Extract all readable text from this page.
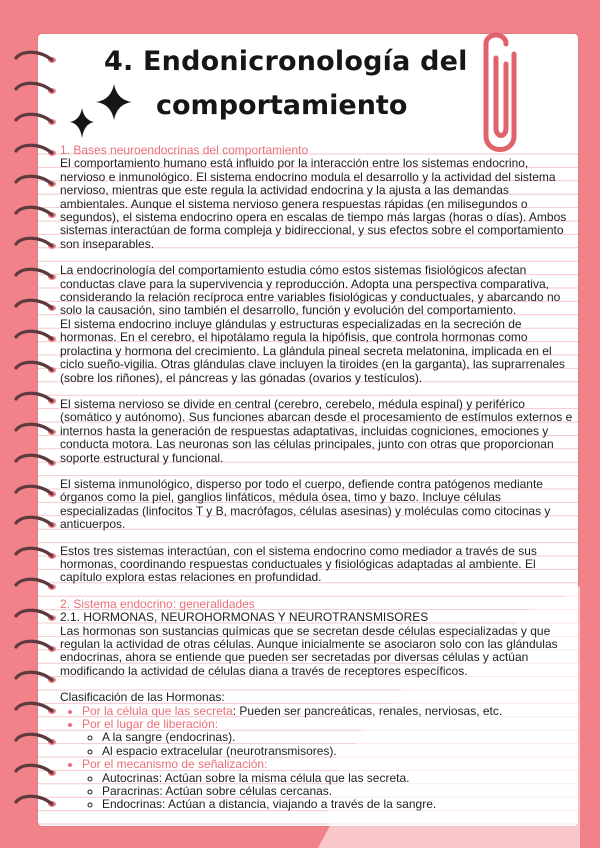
4. Endonicronología del
comportamiento

1. Bases neuroendocrinas del comportamiento
El comportamiento humano está influido por la interacción entre los sistemas endocrino, nervioso e inmunológico. El sistema endocrino modula el desarrollo y la actividad del sistema nervioso, mientras que este regula la actividad endocrina y la ajusta a las demandas ambientales. Aunque el sistema nervioso genera respuestas rápidas (en milisegundos o segundos), el sistema endocrino opera en escalas de tiempo más largas (horas o días). Ambos sistemas interactúan de forma compleja y bidireccional, y sus efectos sobre el comportamiento son inseparables.

La endocrinología del comportamiento estudia cómo estos sistemas fisiológicos afectan conductas clave para la supervivencia y reproducción. Adopta una perspectiva comparativa, considerando la relación recíproca entre variables fisiológicas y conductuales, y abarcando no solo la causación, sino también el desarrollo, función y evolución del comportamiento.
El sistema endocrino incluye glándulas y estructuras especializadas en la secreción de hormonas. En el cerebro, el hipotálamo regula la hipófisis, que controla hormonas como prolactina y hormona del crecimiento. La glándula pineal secreta melatonina, implicada en el ciclo sueño-vigilia. Otras glándulas clave incluyen la tiroides (en la garganta), las suprarrenales (sobre los riñones), el páncreas y las gónadas (ovarios y testículos).

El sistema nervioso se divide en central (cerebro, cerebelo, médula espinal) y periférico (somático y autónomo). Sus funciones abarcan desde el procesamiento de estímulos externos e internos hasta la generación de respuestas adaptativas, incluidas cogniciones, emociones y conducta motora. Las neuronas son las células principales, junto con otras que proporcionan soporte estructural y funcional.

El sistema inmunológico, disperso por todo el cuerpo, defiende contra patógenos mediante órganos como la piel, ganglios linfáticos, médula ósea, timo y bazo. Incluye células especializadas (linfocitos T y B, macrófagos, células asesinas) y moléculas como citocinas y anticuerpos.

Estos tres sistemas interactúan, con el sistema endocrino como mediador a través de sus hormonas, coordinando respuestas conductuales y fisiológicas adaptadas al ambiente. El capítulo explora estas relaciones en profundidad.

2. Sistema endocrino: generalidades
2.1. HORMONAS, NEUROHORMONAS Y NEUROTRANSMISORES
Las hormonas son sustancias químicas que se secretan desde células especializadas y que regulan la actividad de otras células. Aunque inicialmente se asociaron solo con las glándulas endocrinas, ahora se entiende que pueden ser secretadas por diversas células y actúan modificando la actividad de células diana a través de receptores específicos.

Clasificación de las Hormonas:
• Por la célula que las secreta: Pueden ser pancreáticas, renales, nerviosas, etc.
• Por el lugar de liberación:
◦ A la sangre (endocrinas).
◦ Al espacio extracelular (neurotransmisores).
• Por el mecanismo de señalización:
◦ Autocrinas: Actúan sobre la misma célula que las secreta.
◦ Paracrinas: Actúan sobre células cercanas.
◦ Endocrinas: Actúan a distancia, viajando a través de la sangre.
